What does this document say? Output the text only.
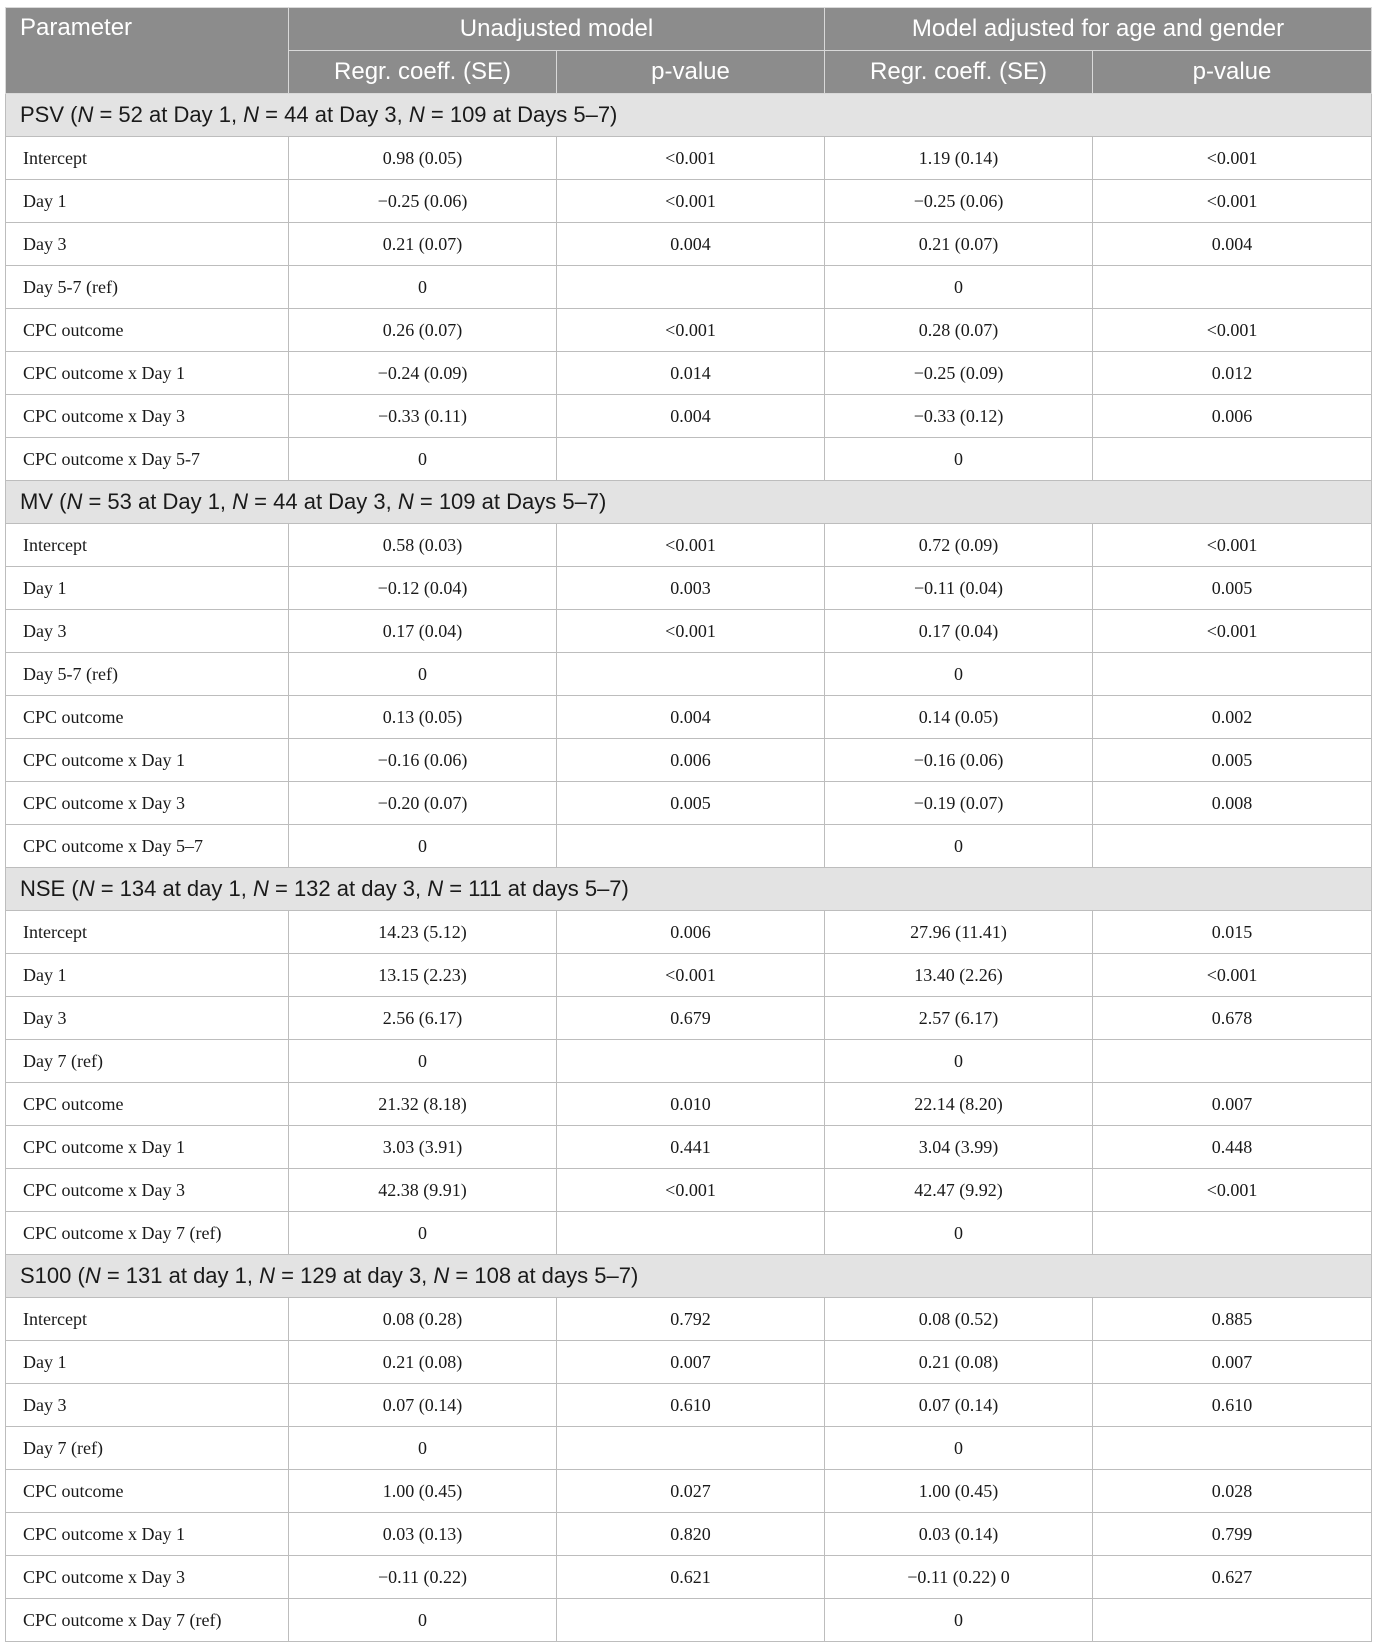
Parameter	Unadjusted model		Model adjusted for age and gender	
	Regr. coeff. (SE)	p-value	Regr. coeff. (SE)	p-value
PSV (N = 52 at Day 1, N = 44 at Day 3, N = 109 at Days 5–7)				
Intercept	0.98 (0.05)	<0.001	1.19 (0.14)	<0.001
Day 1	−0.25 (0.06)	<0.001	−0.25 (0.06)	<0.001
Day 3	0.21 (0.07)	0.004	0.21 (0.07)	0.004
Day 5-7 (ref)	0		0	
CPC outcome	0.26 (0.07)	<0.001	0.28 (0.07)	<0.001
CPC outcome x Day 1	−0.24 (0.09)	0.014	−0.25 (0.09)	0.012
CPC outcome x Day 3	−0.33 (0.11)	0.004	−0.33 (0.12)	0.006
CPC outcome x Day 5-7	0		0	
MV (N = 53 at Day 1, N = 44 at Day 3, N = 109 at Days 5–7)				
Intercept	0.58 (0.03)	<0.001	0.72 (0.09)	<0.001
Day 1	−0.12 (0.04)	0.003	−0.11 (0.04)	0.005
Day 3	0.17 (0.04)	<0.001	0.17 (0.04)	<0.001
Day 5-7 (ref)	0		0	
CPC outcome	0.13 (0.05)	0.004	0.14 (0.05)	0.002
CPC outcome x Day 1	−0.16 (0.06)	0.006	−0.16 (0.06)	0.005
CPC outcome x Day 3	−0.20 (0.07)	0.005	−0.19 (0.07)	0.008
CPC outcome x Day 5–7	0		0	
NSE (N = 134 at day 1, N = 132 at day 3, N = 111 at days 5–7)				
Intercept	14.23 (5.12)	0.006	27.96 (11.41)	0.015
Day 1	13.15 (2.23)	<0.001	13.40 (2.26)	<0.001
Day 3	2.56 (6.17)	0.679	2.57 (6.17)	0.678
Day 7 (ref)	0		0	
CPC outcome	21.32 (8.18)	0.010	22.14 (8.20)	0.007
CPC outcome x Day 1	3.03 (3.91)	0.441	3.04 (3.99)	0.448
CPC outcome x Day 3	42.38 (9.91)	<0.001	42.47 (9.92)	<0.001
CPC outcome x Day 7 (ref)	0		0	
S100 (N = 131 at day 1, N = 129 at day 3, N = 108 at days 5–7)				
Intercept	0.08 (0.28)	0.792	0.08 (0.52)	0.885
Day 1	0.21 (0.08)	0.007	0.21 (0.08)	0.007
Day 3	0.07 (0.14)	0.610	0.07 (0.14)	0.610
Day 7 (ref)	0		0	
CPC outcome	1.00 (0.45)	0.027	1.00 (0.45)	0.028
CPC outcome x Day 1	0.03 (0.13)	0.820	0.03 (0.14)	0.799
CPC outcome x Day 3	−0.11 (0.22)	0.621	−0.11 (0.22) 0	0.627
CPC outcome x Day 7 (ref)	0		0	
